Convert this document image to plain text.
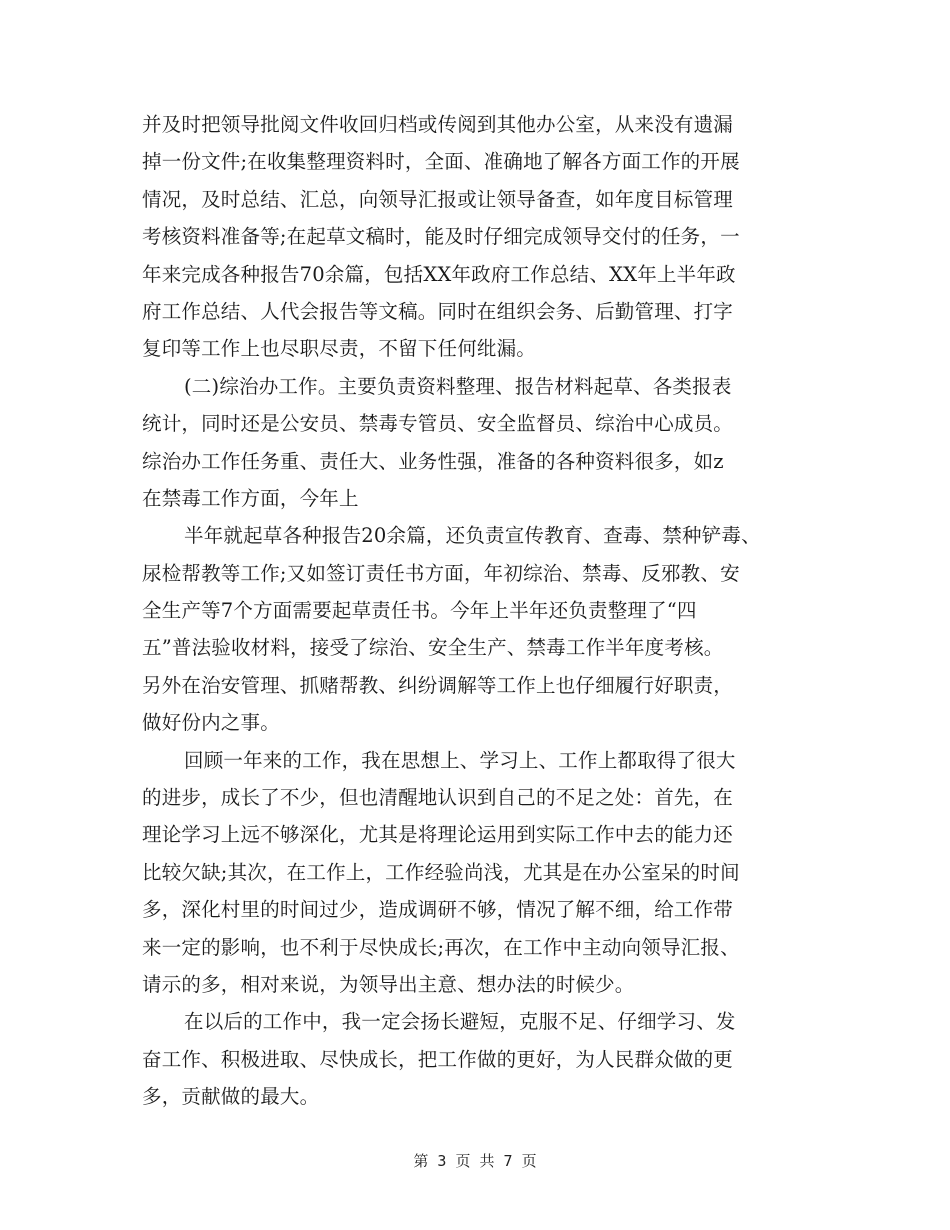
并及时把领导批阅文件收回归档或传阅到其他办公室，从来没有遗漏
掉一份文件;在收集整理资料时，全面、准确地了解各方面工作的开展
情况，及时总结、汇总，向领导汇报或让领导备查，如年度目标管理
考核资料准备等;在起草文稿时，能及时仔细完成领导交付的任务，一
年来完成各种报告70余篇，包括XX年政府工作总结、XX年上半年政
府工作总结、人代会报告等文稿。同时在组织会务、后勤管理、打字
复印等工作上也尽职尽责，不留下任何纰漏。
(二)综治办工作。主要负责资料整理、报告材料起草、各类报表
统计，同时还是公安员、禁毒专管员、安全监督员、综治中心成员。
综治办工作任务重、责任大、业务性强，准备的各种资料很多，如z
在禁毒工作方面，今年上
半年就起草各种报告20余篇，还负责宣传教育、查毒、禁种铲毒、
尿检帮教等工作;又如签订责任书方面，年初综治、禁毒、反邪教、安
全生产等7个方面需要起草责任书。今年上半年还负责整理了“四
五”普法验收材料，接受了综治、安全生产、禁毒工作半年度考核。
另外在治安管理、抓赌帮教、纠纷调解等工作上也仔细履行好职责，
做好份内之事。
回顾一年来的工作，我在思想上、学习上、工作上都取得了很大
的进步，成长了不少，但也清醒地认识到自己的不足之处：首先，在
理论学习上远不够深化，尤其是将理论运用到实际工作中去的能力还
比较欠缺;其次，在工作上，工作经验尚浅，尤其是在办公室呆的时间
多，深化村里的时间过少，造成调研不够，情况了解不细，给工作带
来一定的影响，也不利于尽快成长;再次，在工作中主动向领导汇报、
请示的多，相对来说，为领导出主意、想办法的时候少。
在以后的工作中，我一定会扬长避短，克服不足、仔细学习、发
奋工作、积极进取、尽快成长，把工作做的更好，为人民群众做的更
多，贡献做的最大。
第 3 页 共 7 页
